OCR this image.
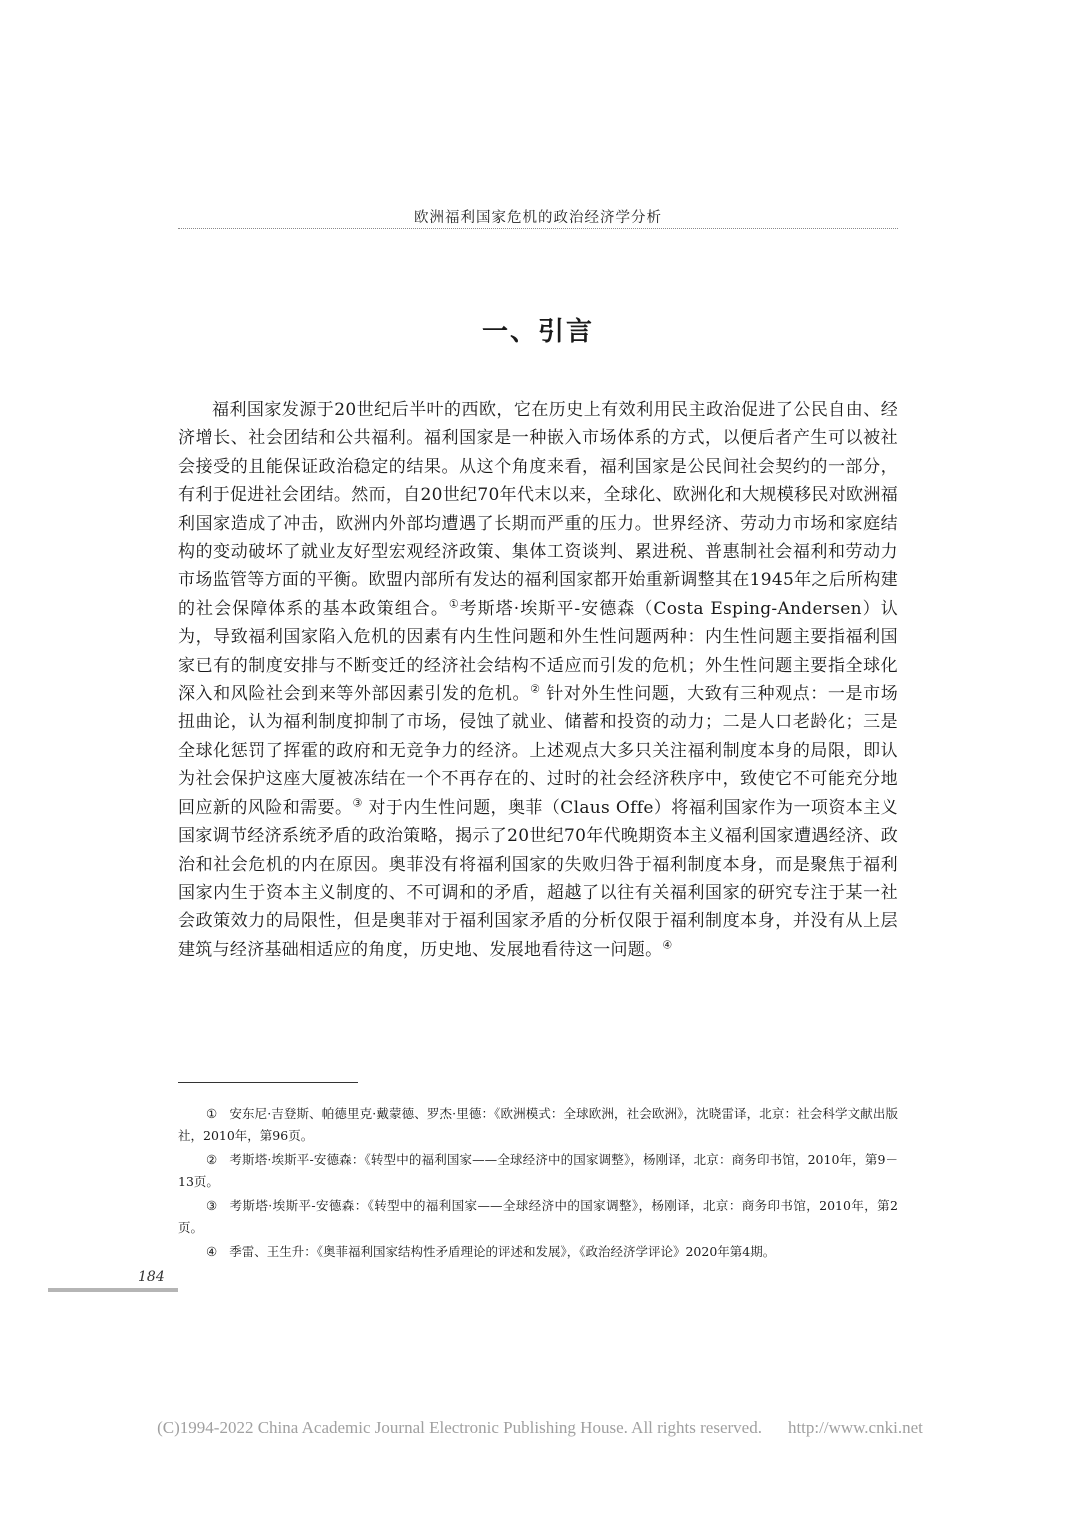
欧洲福利国家危机的政治经济学分析
一、引言

福利国家发源于20世纪后半叶的西欧，它在历史上有效利用民主政治促进了公民自由、经济增长、社会团结和公共福利。福利国家是一种嵌入市场体系的方式，以便后者产生可以被社会接受的且能保证政治稳定的结果。从这个角度来看，福利国家是公民间社会契约的一部分，有利于促进社会团结。然而，自20世纪70年代末以来，全球化、欧洲化和大规模移民对欧洲福利国家造成了冲击，欧洲内外部均遭遇了长期而严重的压力。世界经济、劳动力市场和家庭结构的变动破坏了就业友好型宏观经济政策、集体工资谈判、累进税、普惠制社会福利和劳动力市场监管等方面的平衡。欧盟内部所有发达的福利国家都开始重新调整其在1945年之后所构建的社会保障体系的基本政策组合。①考斯塔·埃斯平-安德森（Costa Esping-Andersen）认为，导致福利国家陷入危机的因素有内生性问题和外生性问题两种：内生性问题主要指福利国家已有的制度安排与不断变迁的经济社会结构不适应而引发的危机；外生性问题主要指全球化深入和风险社会到来等外部因素引发的危机。② 针对外生性问题，大致有三种观点：一是市场扭曲论，认为福利制度抑制了市场，侵蚀了就业、储蓄和投资的动力；二是人口老龄化；三是全球化惩罚了挥霍的政府和无竞争力的经济。上述观点大多只关注福利制度本身的局限，即认为社会保护这座大厦被冻结在一个不再存在的、过时的社会经济秩序中，致使它不可能充分地回应新的风险和需要。③ 对于内生性问题，奥菲（Claus Offe）将福利国家作为一项资本主义国家调节经济系统矛盾的政治策略，揭示了20世纪70年代晚期资本主义福利国家遭遇经济、政治和社会危机的内在原因。奥菲没有将福利国家的失败归咎于福利制度本身，而是聚焦于福利国家内生于资本主义制度的、不可调和的矛盾，超越了以往有关福利国家的研究专注于某一社会政策效力的局限性，但是奥菲对于福利国家矛盾的分析仅限于福利制度本身，并没有从上层建筑与经济基础相适应的角度，历史地、发展地看待这一问题。④

① 安东尼·吉登斯、帕德里克·戴蒙德、罗杰·里德：《欧洲模式：全球欧洲，社会欧洲》，沈晓雷译，北京：社会科学文献出版社，2010年，第96页。
② 考斯塔·埃斯平-安德森：《转型中的福利国家——全球经济中的国家调整》，杨刚译，北京：商务印书馆，2010年，第9－13页。
③ 考斯塔·埃斯平-安德森：《转型中的福利国家——全球经济中的国家调整》，杨刚译，北京：商务印书馆，2010年，第2页。
④ 季雷、王生升：《奥菲福利国家结构性矛盾理论的评述和发展》，《政治经济学评论》2020年第4期。
184
(C)1994-2022 China Academic Journal Electronic Publishing House. All rights reserved. http://www.cnki.net
